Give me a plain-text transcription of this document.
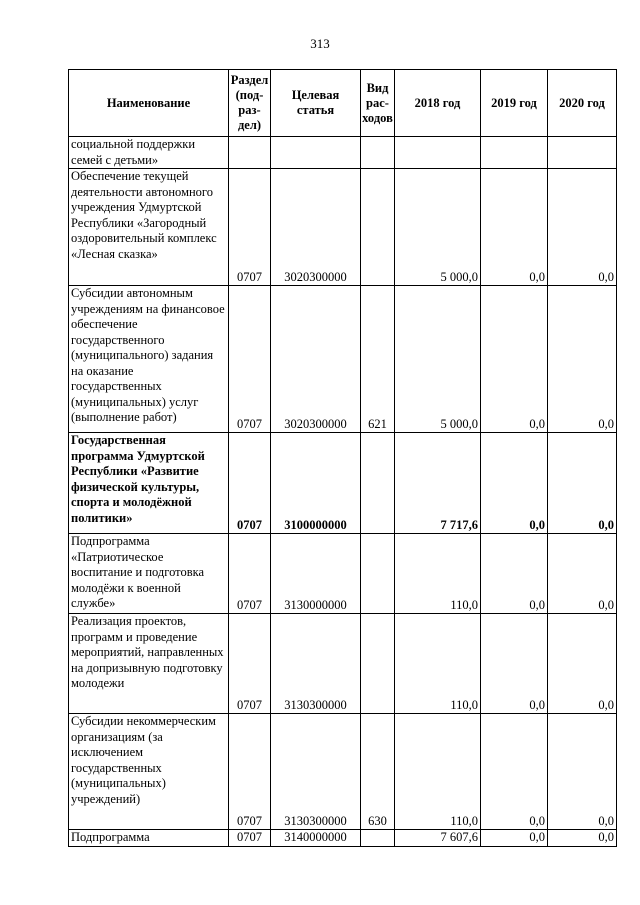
313
Наименование	Раздел (под- раз- дел)	Целевая статья	Вид рас- ходов	2018 год	2019 год	2020 год
социальной поддержки семей с детьми»						
Обеспечение текущей деятельности автономного учреждения Удмуртской Республики «Загородный оздоровительный комплекс «Лесная сказка»	0707	3020300000		5 000,0	0,0	0,0
Субсидии автономным учреждениям на финансовое обеспечение государственного (муниципального) задания на оказание государственных (муниципальных) услуг (выполнение работ)	0707	3020300000	621	5 000,0	0,0	0,0
Государственная программа Удмуртской Республики «Развитие физической культуры, спорта и молодёжной политики»	0707	3100000000		7 717,6	0,0	0,0
Подпрограмма «Патриотическое воспитание и подготовка молодёжи к военной службе»	0707	3130000000		110,0	0,0	0,0
Реализация проектов, программ и проведение мероприятий, направленных на допризывную подготовку молодежи	0707	3130300000		110,0	0,0	0,0
Субсидии некоммерческим организациям (за исключением государственных (муниципальных) учреждений)	0707	3130300000	630	110,0	0,0	0,0
Подпрограмма	0707	3140000000		7 607,6	0,0	0,0
